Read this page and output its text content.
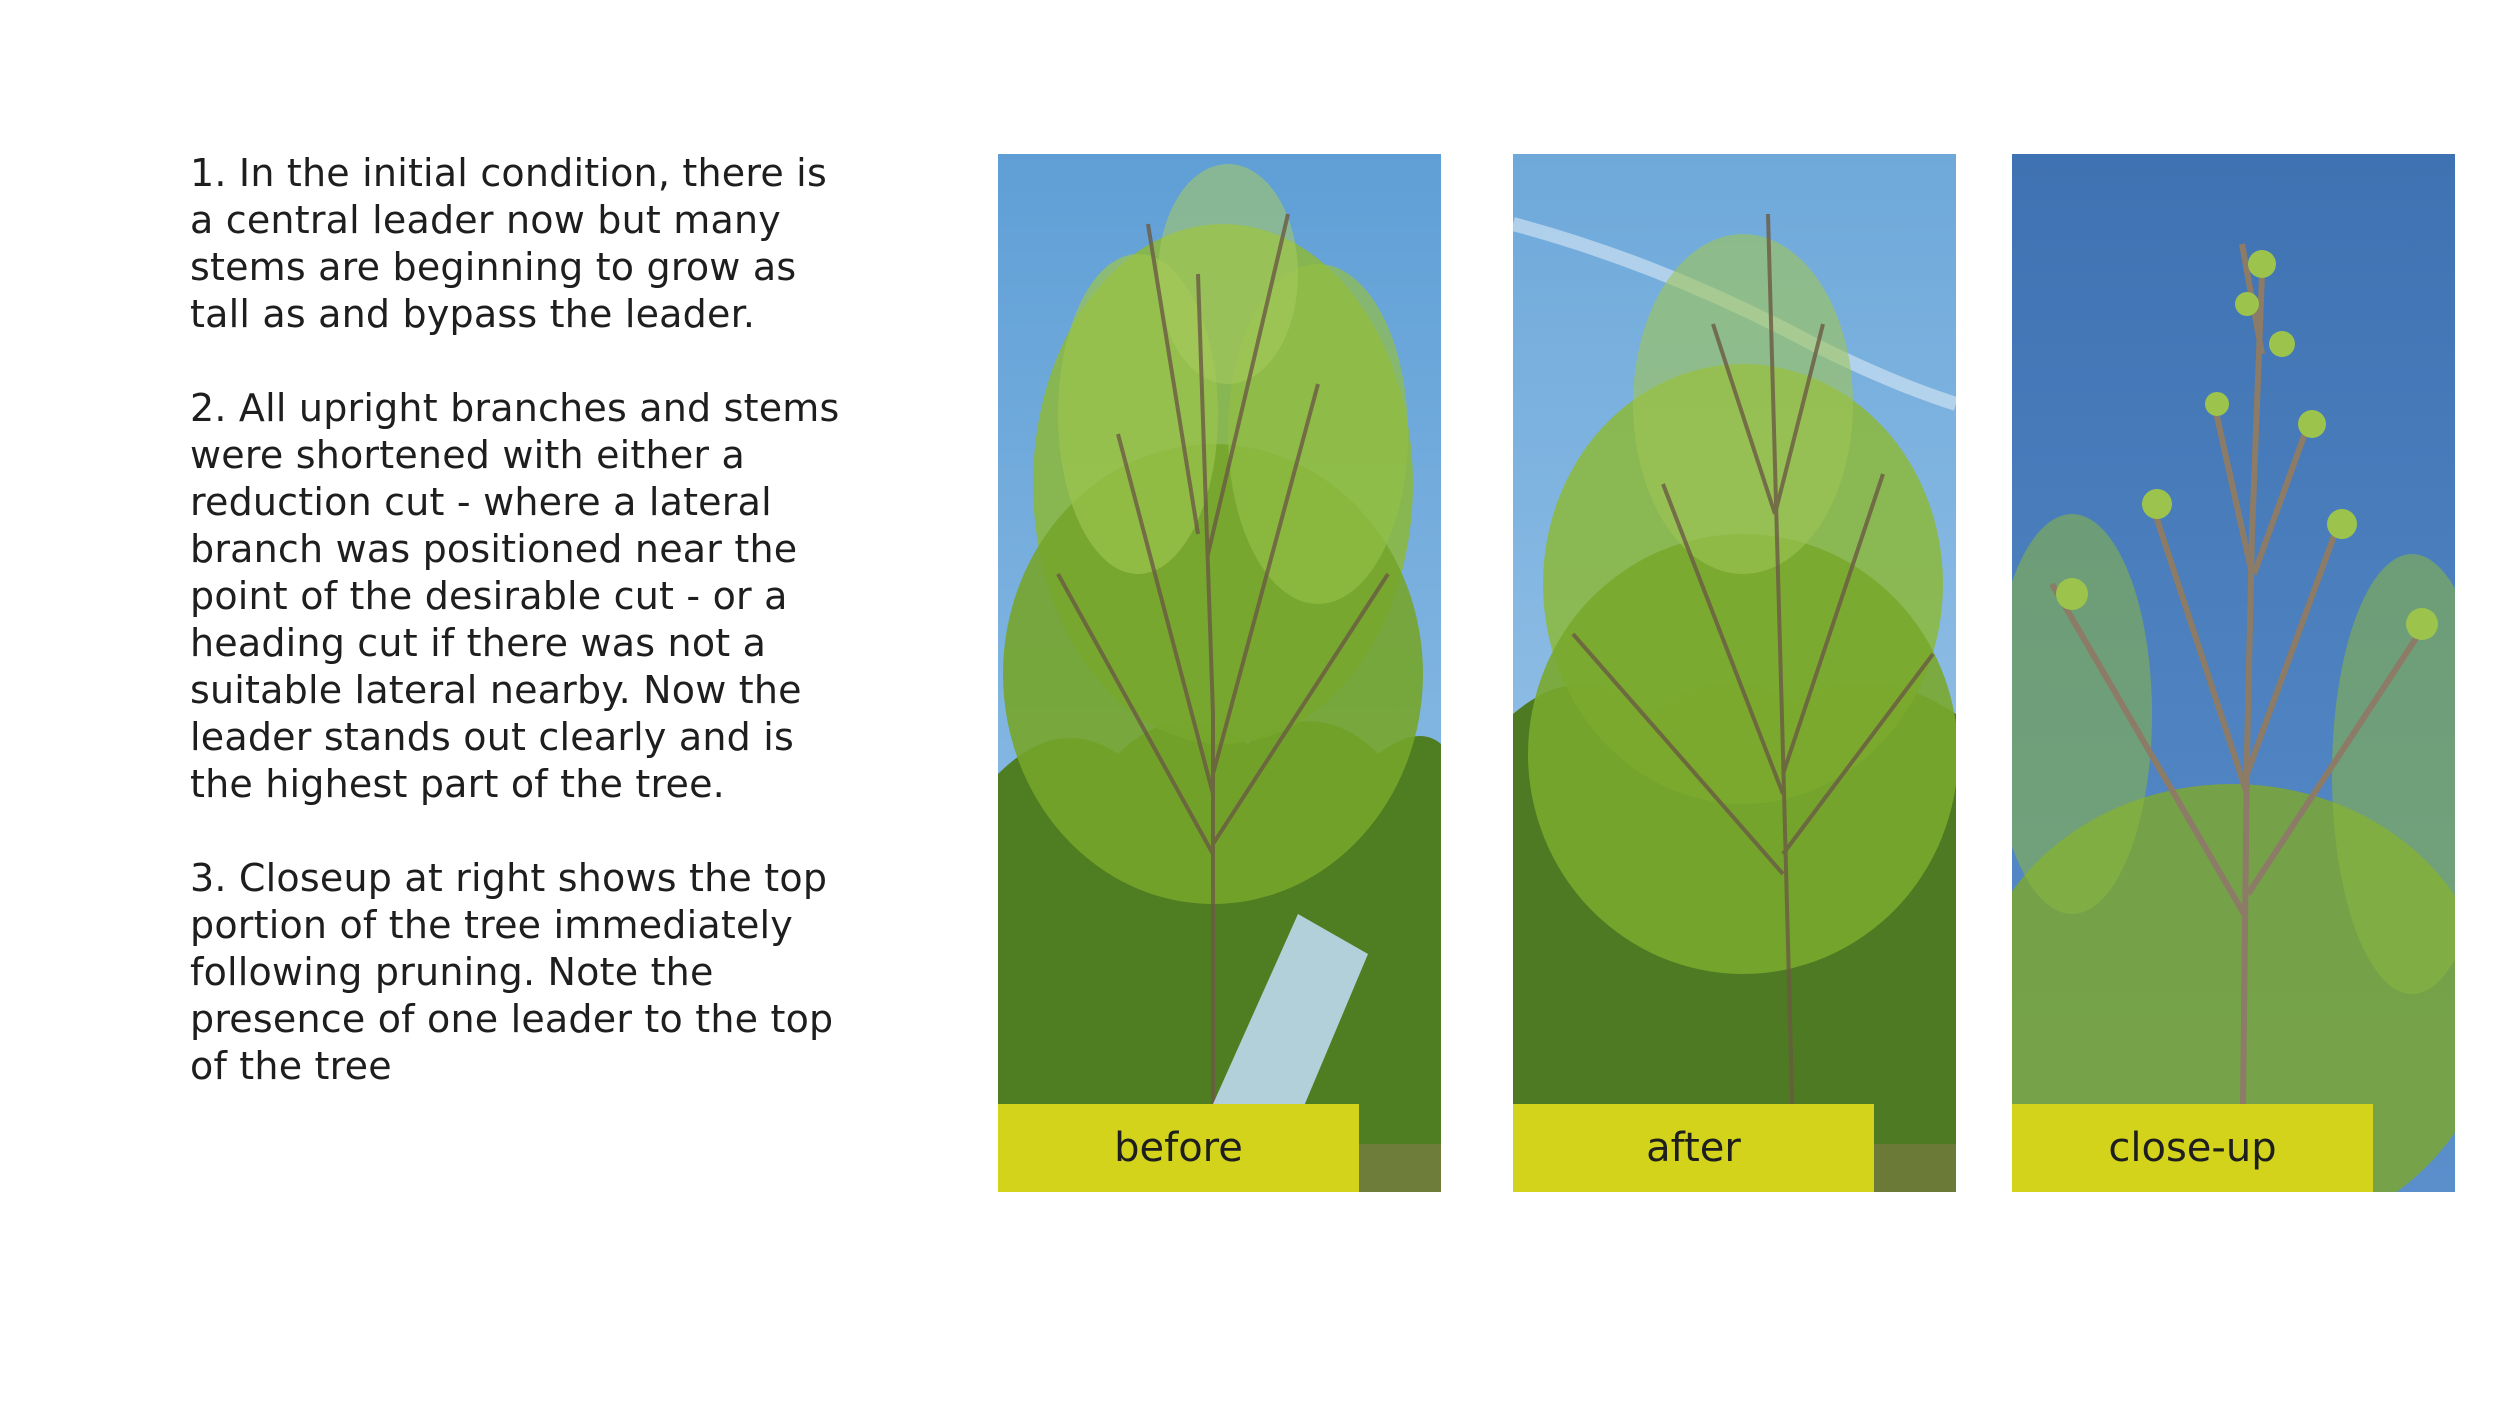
1. In the initial condition, there is
a central leader now but many
stems are beginning to grow as
tall as and bypass the leader.

2. All upright branches and stems
were shortened with either a
reduction cut - where a lateral
branch was positioned near the
point of the desirable cut - or a
heading cut if there was not a
suitable lateral nearby. Now the
leader stands out clearly and is
the highest part of the tree.

3. Closeup at right shows the top
portion of the tree immediately
following pruning. Note the
presence of one leader to the top
of the tree

before	after	close-up
